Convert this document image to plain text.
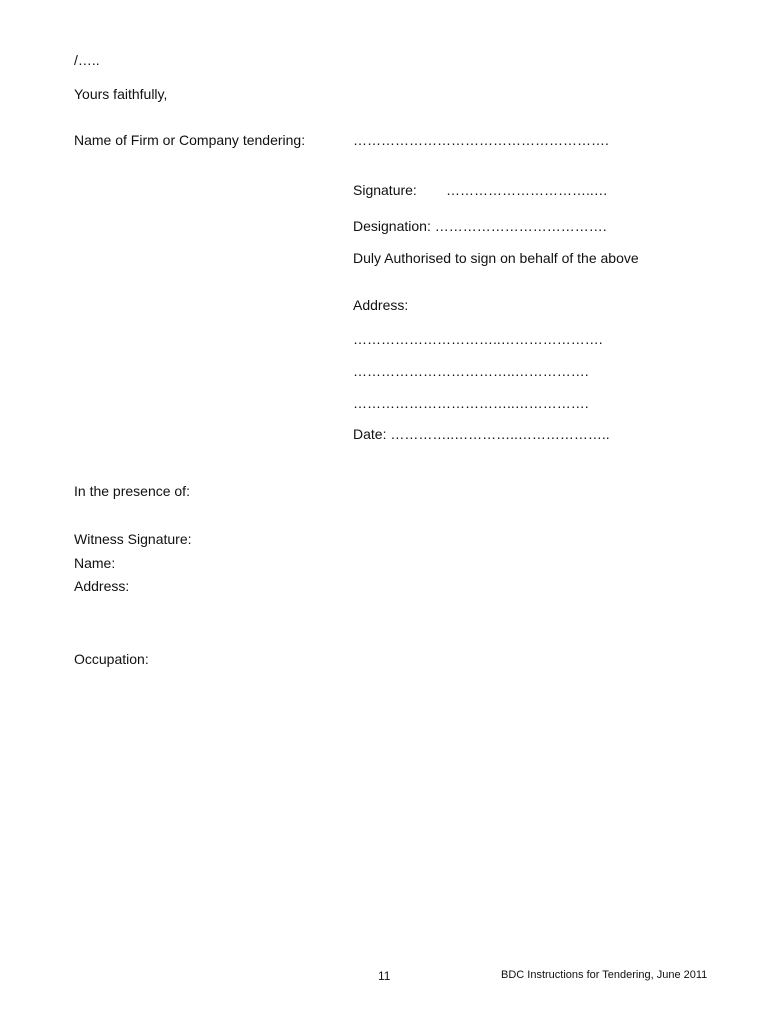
/…..
Yours faithfully,
Name of Firm or Company tendering:	……………………………………………….
Signature: …………………………..…
Designation: ……………………………….
Duly Authorised to sign on behalf of the above
Address:
…………………………..………………….
……………………………..…………….
……………………………..…………….
Date: …………..…………..………………..
In the presence of:
Witness Signature:
Name:
Address:
Occupation:
11	BDC Instructions for Tendering, June 2011
